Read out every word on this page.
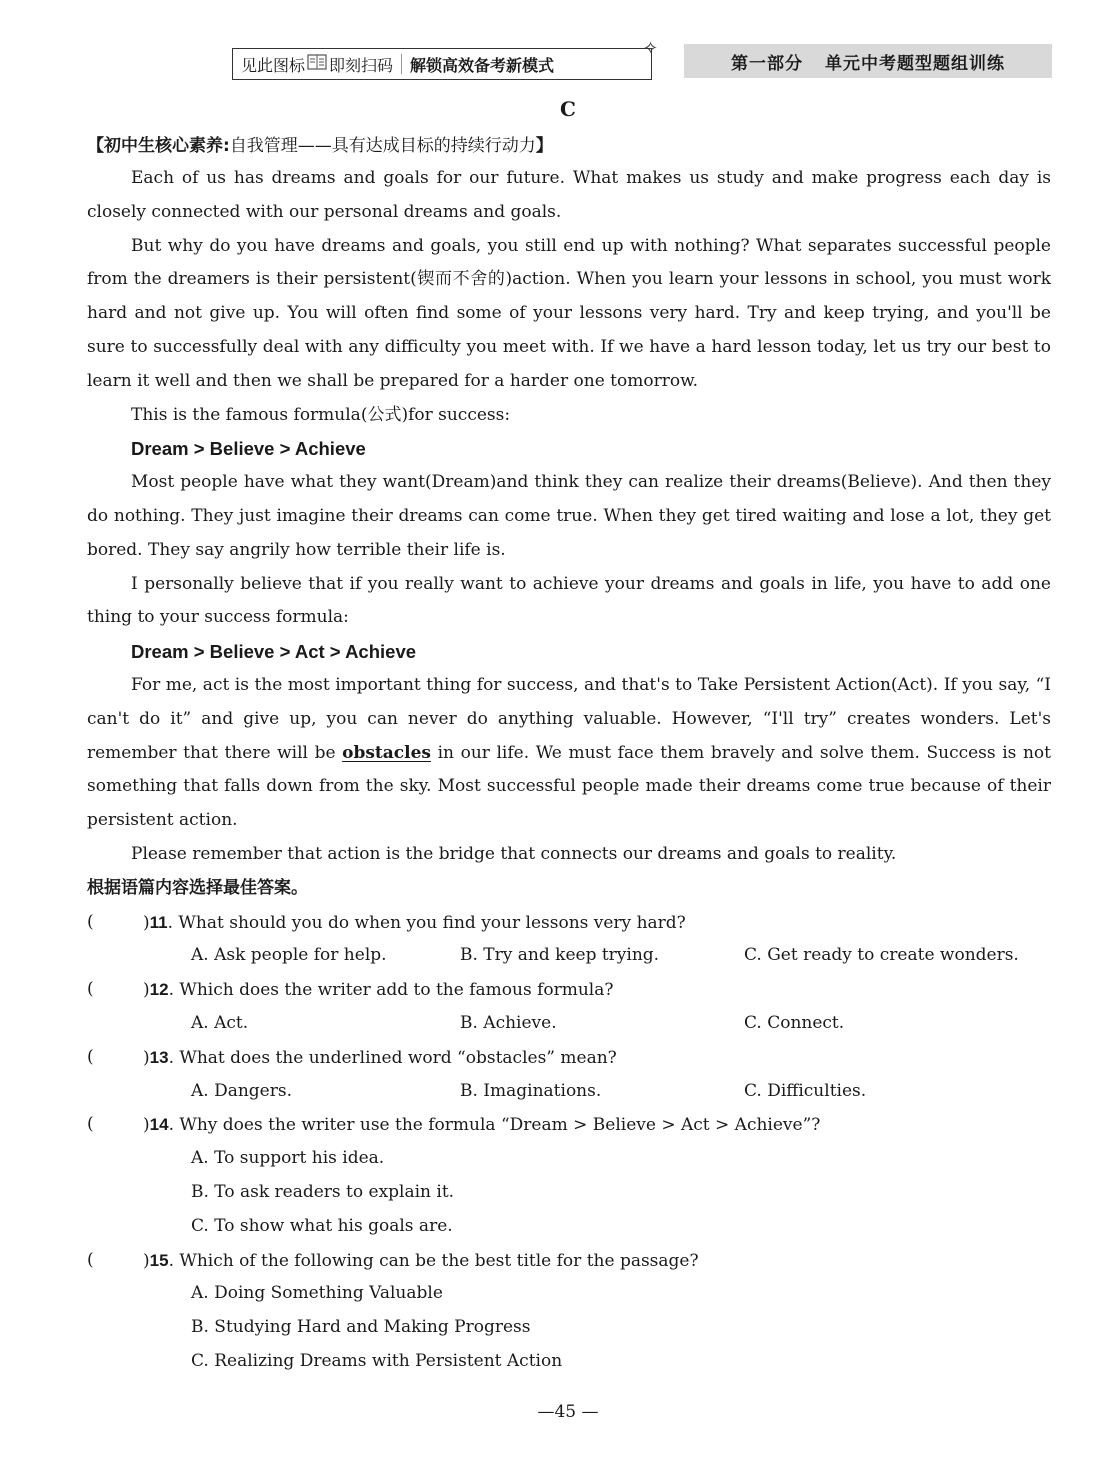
见此图标 即刻扫码 解锁高效备考新模式
✧
第一部分 单元中考题型题组训练
C
【初中生核心素养:自我管理——具有达成目标的持续行动力】

Each of us has dreams and goals for our future. What makes us study and make progress each day is closely connected with our personal dreams and goals.

But why do you have dreams and goals, you still end up with nothing? What separates successful people from the dreamers is their persistent(锲而不舍的)action. When you learn your lessons in school, you must work hard and not give up. You will often find some of your lessons very hard. Try and keep trying, and you'll be sure to successfully deal with any difficulty you meet with. If we have a hard lesson today, let us try our best to learn it well and then we shall be prepared for a harder one tomorrow.

This is the famous formula(公式)for success:

Dream > Believe > Achieve

Most people have what they want(Dream)and think they can realize their dreams(Believe). And then they do nothing. They just imagine their dreams can come true. When they get tired waiting and lose a lot, they get bored. They say angrily how terrible their life is.

I personally believe that if you really want to achieve your dreams and goals in life, you have to add one thing to your success formula:

Dream > Believe > Act > Achieve

For me, act is the most important thing for success, and that's to Take Persistent Action(Act). If you say, “I can't do it” and give up, you can never do anything valuable. However, “I'll try” creates wonders. Let's remember that there will be obstacles in our life. We must face them bravely and solve them. Success is not something that falls down from the sky. Most successful people made their dreams come true because of their persistent action.

Please remember that action is the bridge that connects our dreams and goals to reality.

根据语篇内容选择最佳答案。
(	)11. What should you do when you find your lessons very hard?
A. Ask people for help.	B. Try and keep trying.	C. Get ready to create wonders.
(	)12. Which does the writer add to the famous formula?
A. Act.	B. Achieve.	C. Connect.
(	)13. What does the underlined word “obstacles” mean?
A. Dangers.	B. Imaginations.	C. Difficulties.
(	)14. Why does the writer use the formula “Dream > Believe > Act > Achieve”?
A. To support his idea.
B. To ask readers to explain it.
C. To show what his goals are.
(	)15. Which of the following can be the best title for the passage?
A. Doing Something Valuable
B. Studying Hard and Making Progress
C. Realizing Dreams with Persistent Action
—45 —
